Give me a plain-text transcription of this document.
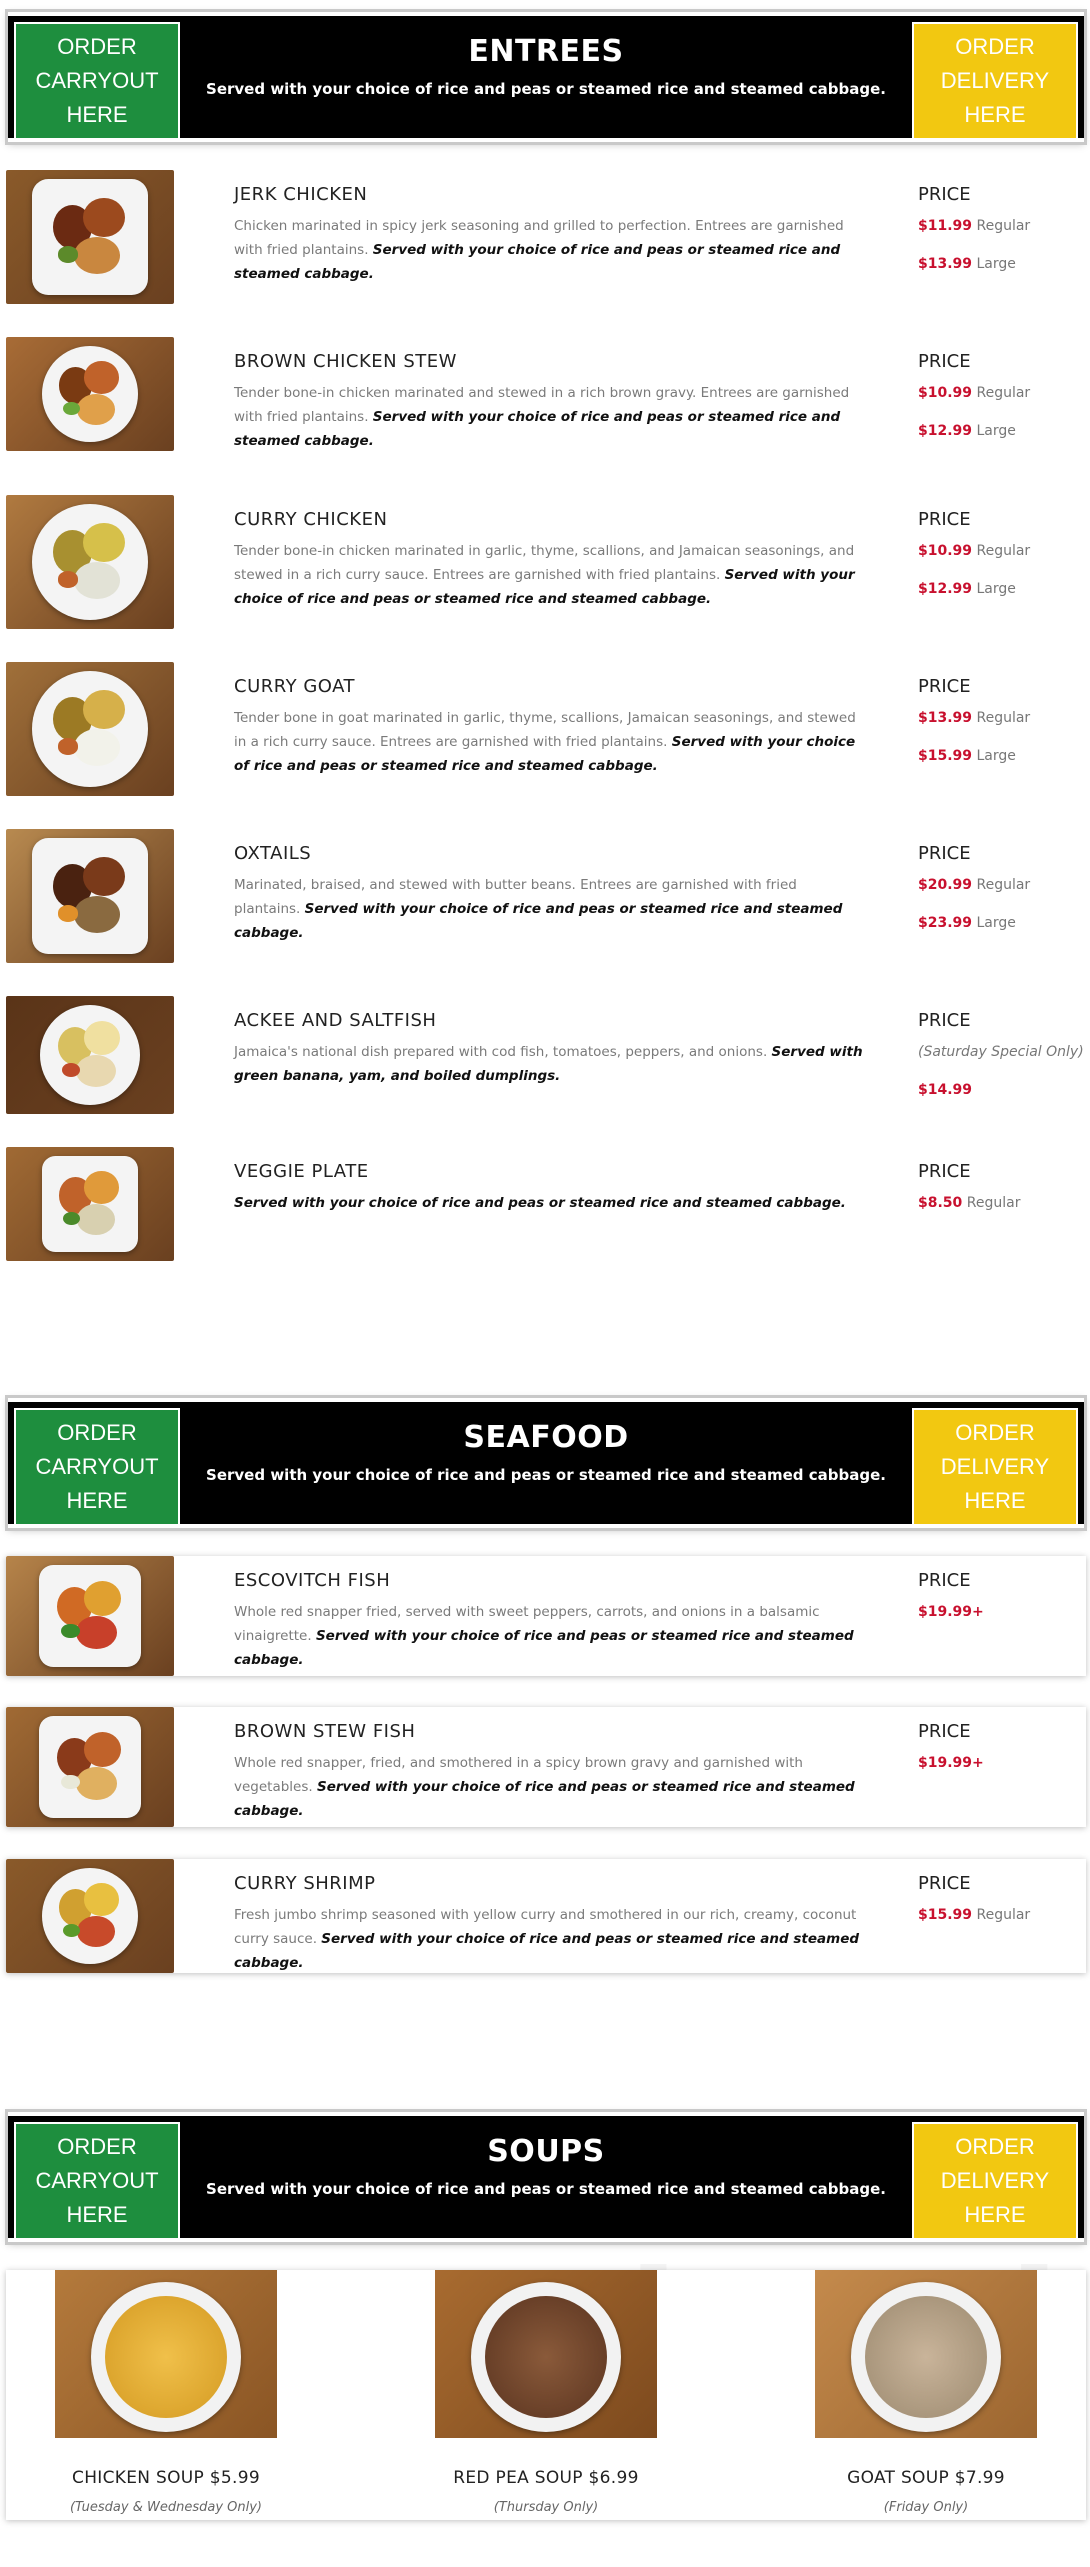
ORDER
CARRYOUT
HERE
ENTREES
Served with your choice of rice and peas or steamed rice and steamed cabbage.
ORDER
DELIVERY
HERE
JERK CHICKEN
Chicken marinated in spicy jerk seasoning and grilled to perfection. Entrees are garnished with fried plantains. Served with your choice of rice and peas or steamed rice and steamed cabbage.
PRICE
$11.99 Regular
$13.99 Large
BROWN CHICKEN STEW
Tender bone-in chicken marinated and stewed in a rich brown gravy. Entrees are garnished with fried plantains. Served with your choice of rice and peas or steamed rice and steamed cabbage.
PRICE
$10.99 Regular
$12.99 Large
CURRY CHICKEN
Tender bone-in chicken marinated in garlic, thyme, scallions, and Jamaican seasonings, and stewed in a rich curry sauce. Entrees are garnished with fried plantains. Served with your choice of rice and peas or steamed rice and steamed cabbage.
PRICE
$10.99 Regular
$12.99 Large
CURRY GOAT
Tender bone in goat marinated in garlic, thyme, scallions, Jamaican seasonings, and stewed in a rich curry sauce. Entrees are garnished with fried plantains. Served with your choice of rice and peas or steamed rice and steamed cabbage.
PRICE
$13.99 Regular
$15.99 Large
OXTAILS
Marinated, braised, and stewed with butter beans. Entrees are garnished with fried plantains. Served with your choice of rice and peas or steamed rice and steamed cabbage.
PRICE
$20.99 Regular
$23.99 Large
ACKEE AND SALTFISH
Jamaica's national dish prepared with cod fish, tomatoes, peppers, and onions. Served with green banana, yam, and boiled dumplings.
PRICE
(Saturday Special Only)
$14.99
VEGGIE PLATE
Served with your choice of rice and peas or steamed rice and steamed cabbage.
PRICE
$8.50 Regular
ORDER
CARRYOUT
HERE
SEAFOOD
Served with your choice of rice and peas or steamed rice and steamed cabbage.
ORDER
DELIVERY
HERE
ESCOVITCH FISH
Whole red snapper fried, served with sweet peppers, carrots, and onions in a balsamic vinaigrette. Served with your choice of rice and peas or steamed rice and steamed cabbage.
PRICE
$19.99+
BROWN STEW FISH
Whole red snapper, fried, and smothered in a spicy brown gravy and garnished with vegetables. Served with your choice of rice and peas or steamed rice and steamed cabbage.
PRICE
$19.99+
CURRY SHRIMP
Fresh jumbo shrimp seasoned with yellow curry and smothered in our rich, creamy, coconut curry sauce. Served with your choice of rice and peas or steamed rice and steamed cabbage.
PRICE
$15.99 Regular
ORDER
CARRYOUT
HERE
SOUPS
Served with your choice of rice and peas or steamed rice and steamed cabbage.
ORDER
DELIVERY
HERE
CHICKEN SOUP $5.99
(Tuesday & Wednesday Only)
RED PEA SOUP $6.99
(Thursday Only)
GOAT SOUP $7.99
(Friday Only)
